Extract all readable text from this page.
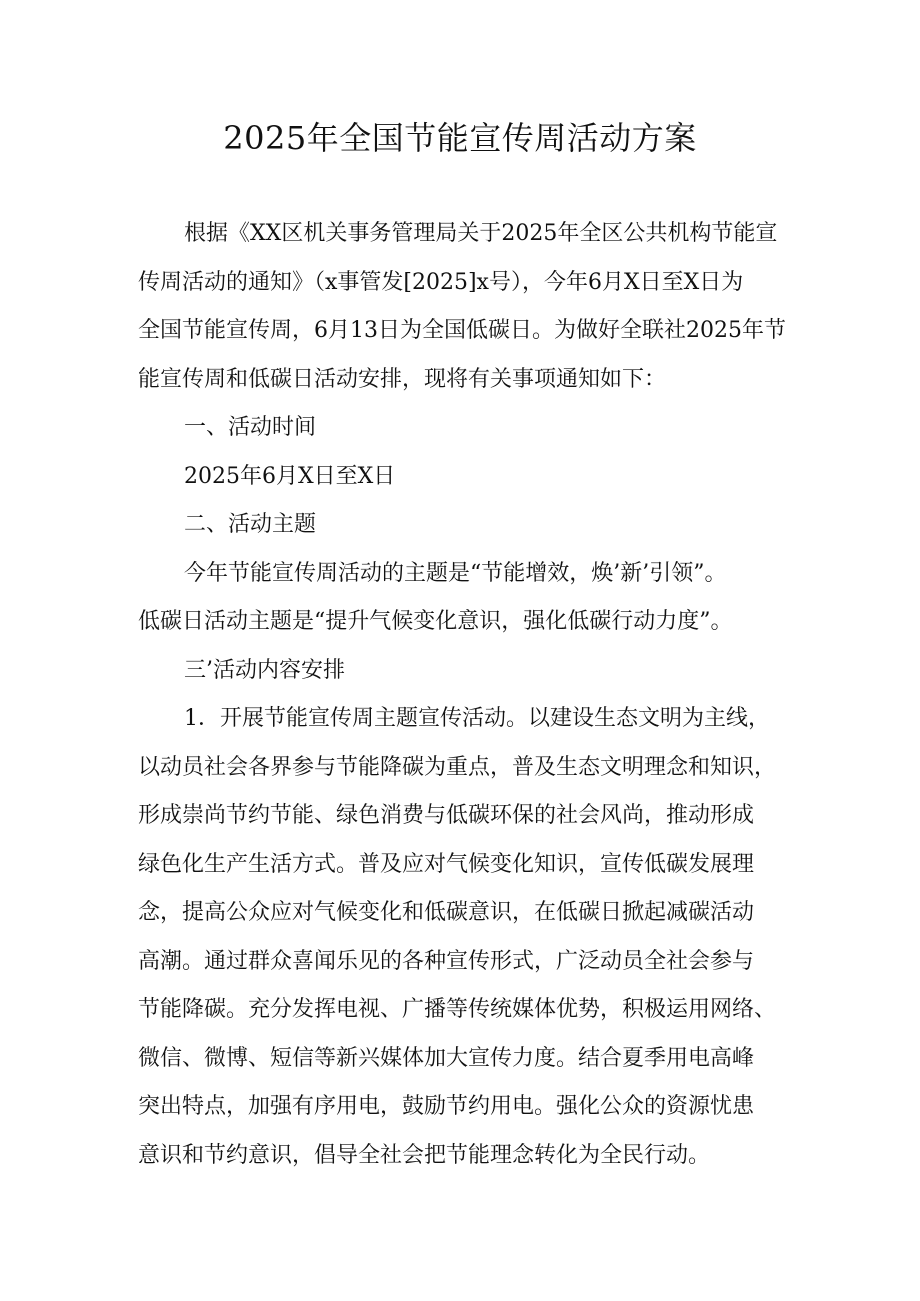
2025年全国节能宣传周活动方案
根据《XX区机关事务管理局关于2025年全区公共机构节能宣
传周活动的通知》（x事管发[2025]x号），今年6月X日至X日为
全国节能宣传周，6月13日为全国低碳日。为做好全联社2025年节
能宣传周和低碳日活动安排，现将有关事项通知如下：
一、活动时间
2025年6月X日至X日
二、活动主题
今年节能宣传周活动的主题是“节能增效，焕’新’引领”。
低碳日活动主题是“提升气候变化意识，强化低碳行动力度”。
三’活动内容安排
1．开展节能宣传周主题宣传活动。以建设生态文明为主线，
以动员社会各界参与节能降碳为重点，普及生态文明理念和知识，
形成崇尚节约节能、绿色消费与低碳环保的社会风尚，推动形成
绿色化生产生活方式。普及应对气候变化知识，宣传低碳发展理
念，提高公众应对气候变化和低碳意识，在低碳日掀起减碳活动
高潮。通过群众喜闻乐见的各种宣传形式，广泛动员全社会参与
节能降碳。充分发挥电视、广播等传统媒体优势，积极运用网络、
微信、微博、短信等新兴媒体加大宣传力度。结合夏季用电高峰
突出特点，加强有序用电，鼓励节约用电。强化公众的资源忧患
意识和节约意识，倡导全社会把节能理念转化为全民行动。
